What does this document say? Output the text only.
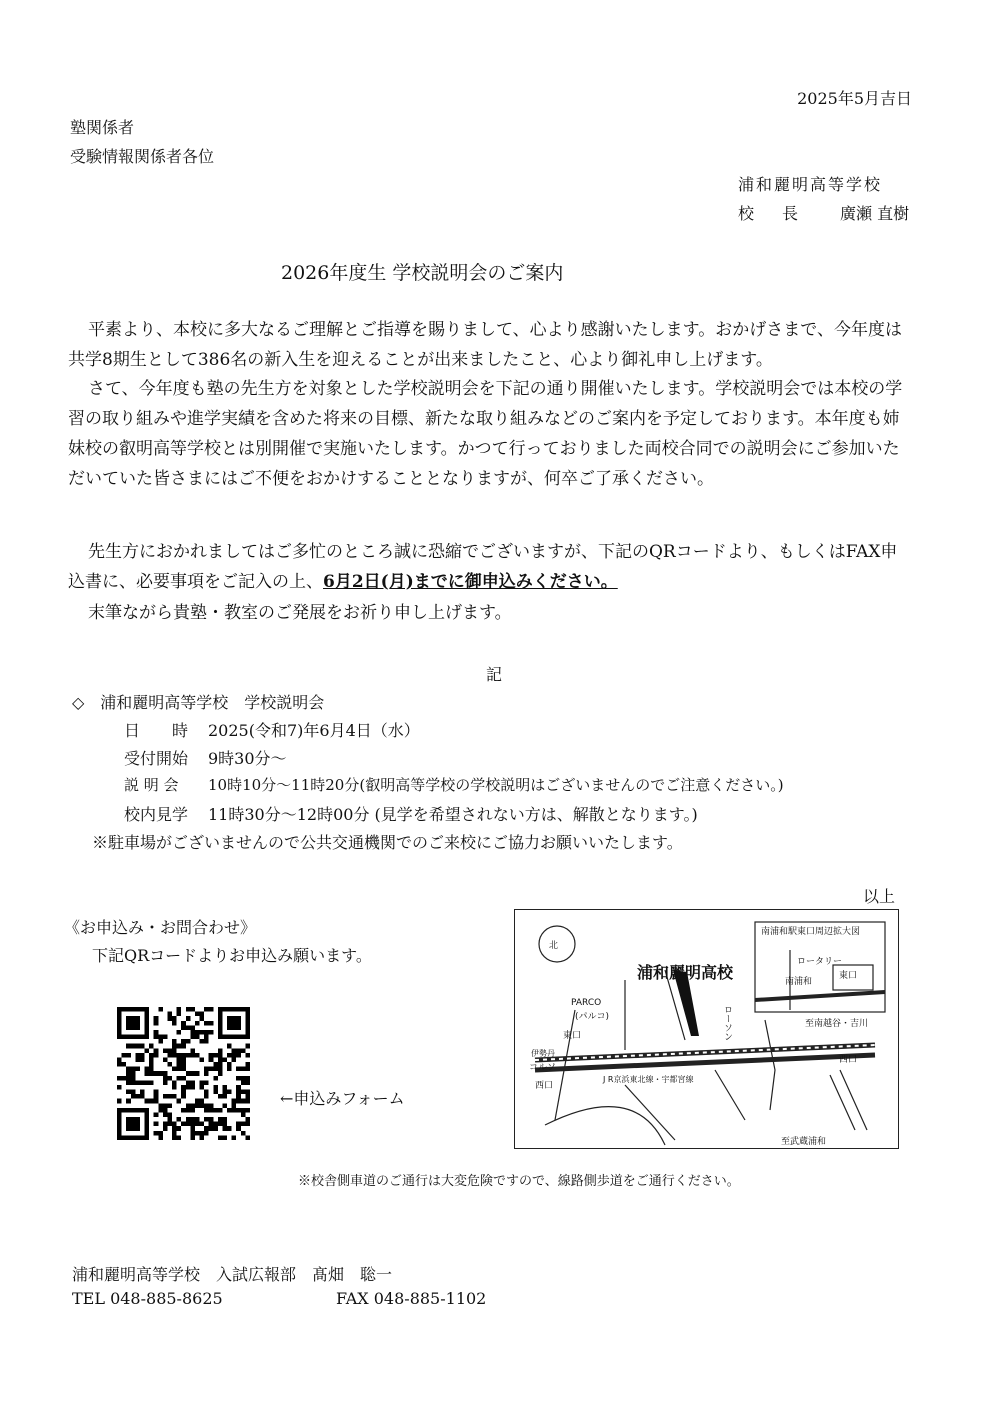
2025年5月吉日
塾関係者
受験情報関係者各位
浦和麗明高等学校
校　長 廣瀬 直樹
2026年度生 学校説明会のご案内
平素より、本校に多大なるご理解とご指導を賜りまして、心より感謝いたします。おかげさまで、今年度は共学8期生として386名の新入生を迎えることが出来ましたこと、心より御礼申し上げます。
さて、今年度も塾の先生方を対象とした学校説明会を下記の通り開催いたします。学校説明会では本校の学習の取り組みや進学実績を含めた将来の目標、新たな取り組みなどのご案内を予定しております。本年度も姉妹校の叡明高等学校とは別開催で実施いたします。かつて行っておりました両校合同での説明会にご参加いただいていた皆さまにはご不便をおかけすることとなりますが、何卒ご了承ください。
先生方におかれましてはご多忙のところ誠に恐縮でございますが、下記のQRコードより、もしくはFAX申込書に、必要事項をご記入の上、6月2日(月)までに御申込みください。
末筆ながら貴塾・教室のご発展をお祈り申し上げます。
記
◇　浦和麗明高等学校　学校説明会
日　　時 2025(令和7)年6月4日（水）
受付開始 9時30分～
説 明 会 10時10分～11時20分(叡明高等学校の学校説明はございませんのでご注意ください。)
校内見学 11時30分～12時00分 (見学を希望されない方は、解散となります。)
※駐車場がございませんので公共交通機関でのご来校にご協力お願いいたします。
以上
《お申込み・お問合わせ》
下記QRコードよりお申込み願います。
←申込みフォーム
北
浦和麗明高校
南浦和駅東口周辺拡大図
PARCO
(パルコ)
東口
西口
ローソン
コルソ
J R京浜東北線・宇都宮線
南浦和
東口
西口
ロータリー
至南越谷・吉川
至武蔵浦和
伊勢丹
※校舎側車道のご通行は大変危険ですので、線路側歩道をご通行ください。
浦和麗明高等学校　入試広報部　髙畑　聡一
TEL 048-885-8625	FAX 048-885-1102
